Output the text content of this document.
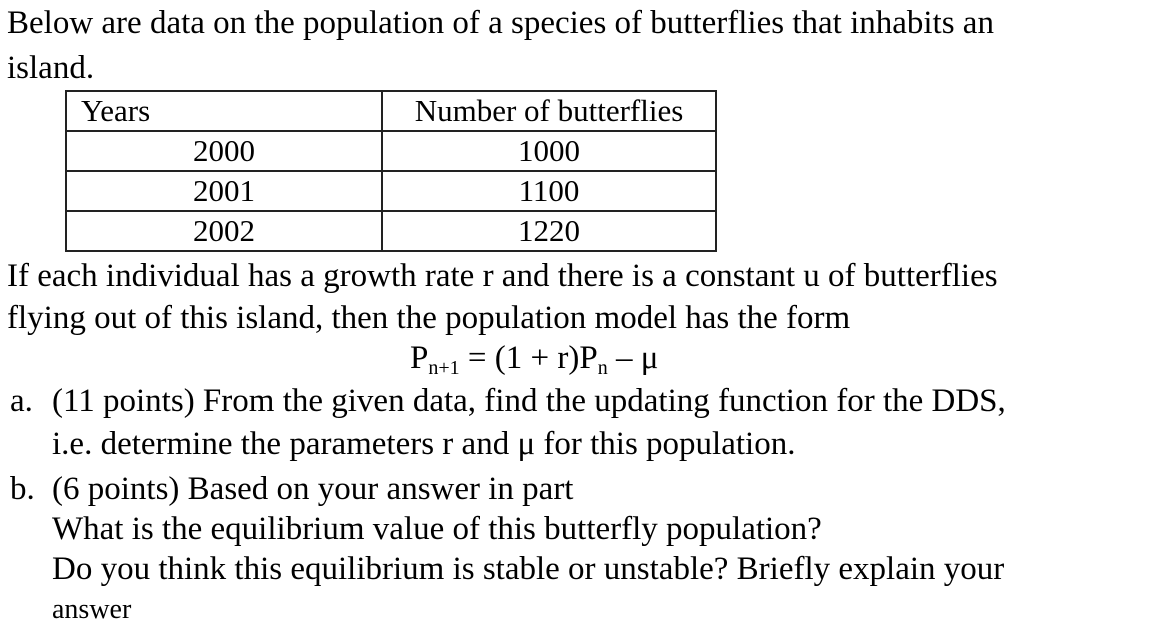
Below are data on the population of a species of butterflies that inhabits an
island.
Years	Number of butterflies
2000	1000
2001	1100
2002	1220
If each individual has a growth rate r and there is a constant u of butterflies
flying out of this island, then the population model has the form
$P_{n+1} = (1 + r)P_n - \mu$
a. (11 points) From the given data, find the updating function for the DDS,
i.e. determine the parameters r and μ for this population.
b. (6 points) Based on your answer in part
What is the equilibrium value of this butterfly population?
Do you think this equilibrium is stable or unstable? Briefly explain your
answer
